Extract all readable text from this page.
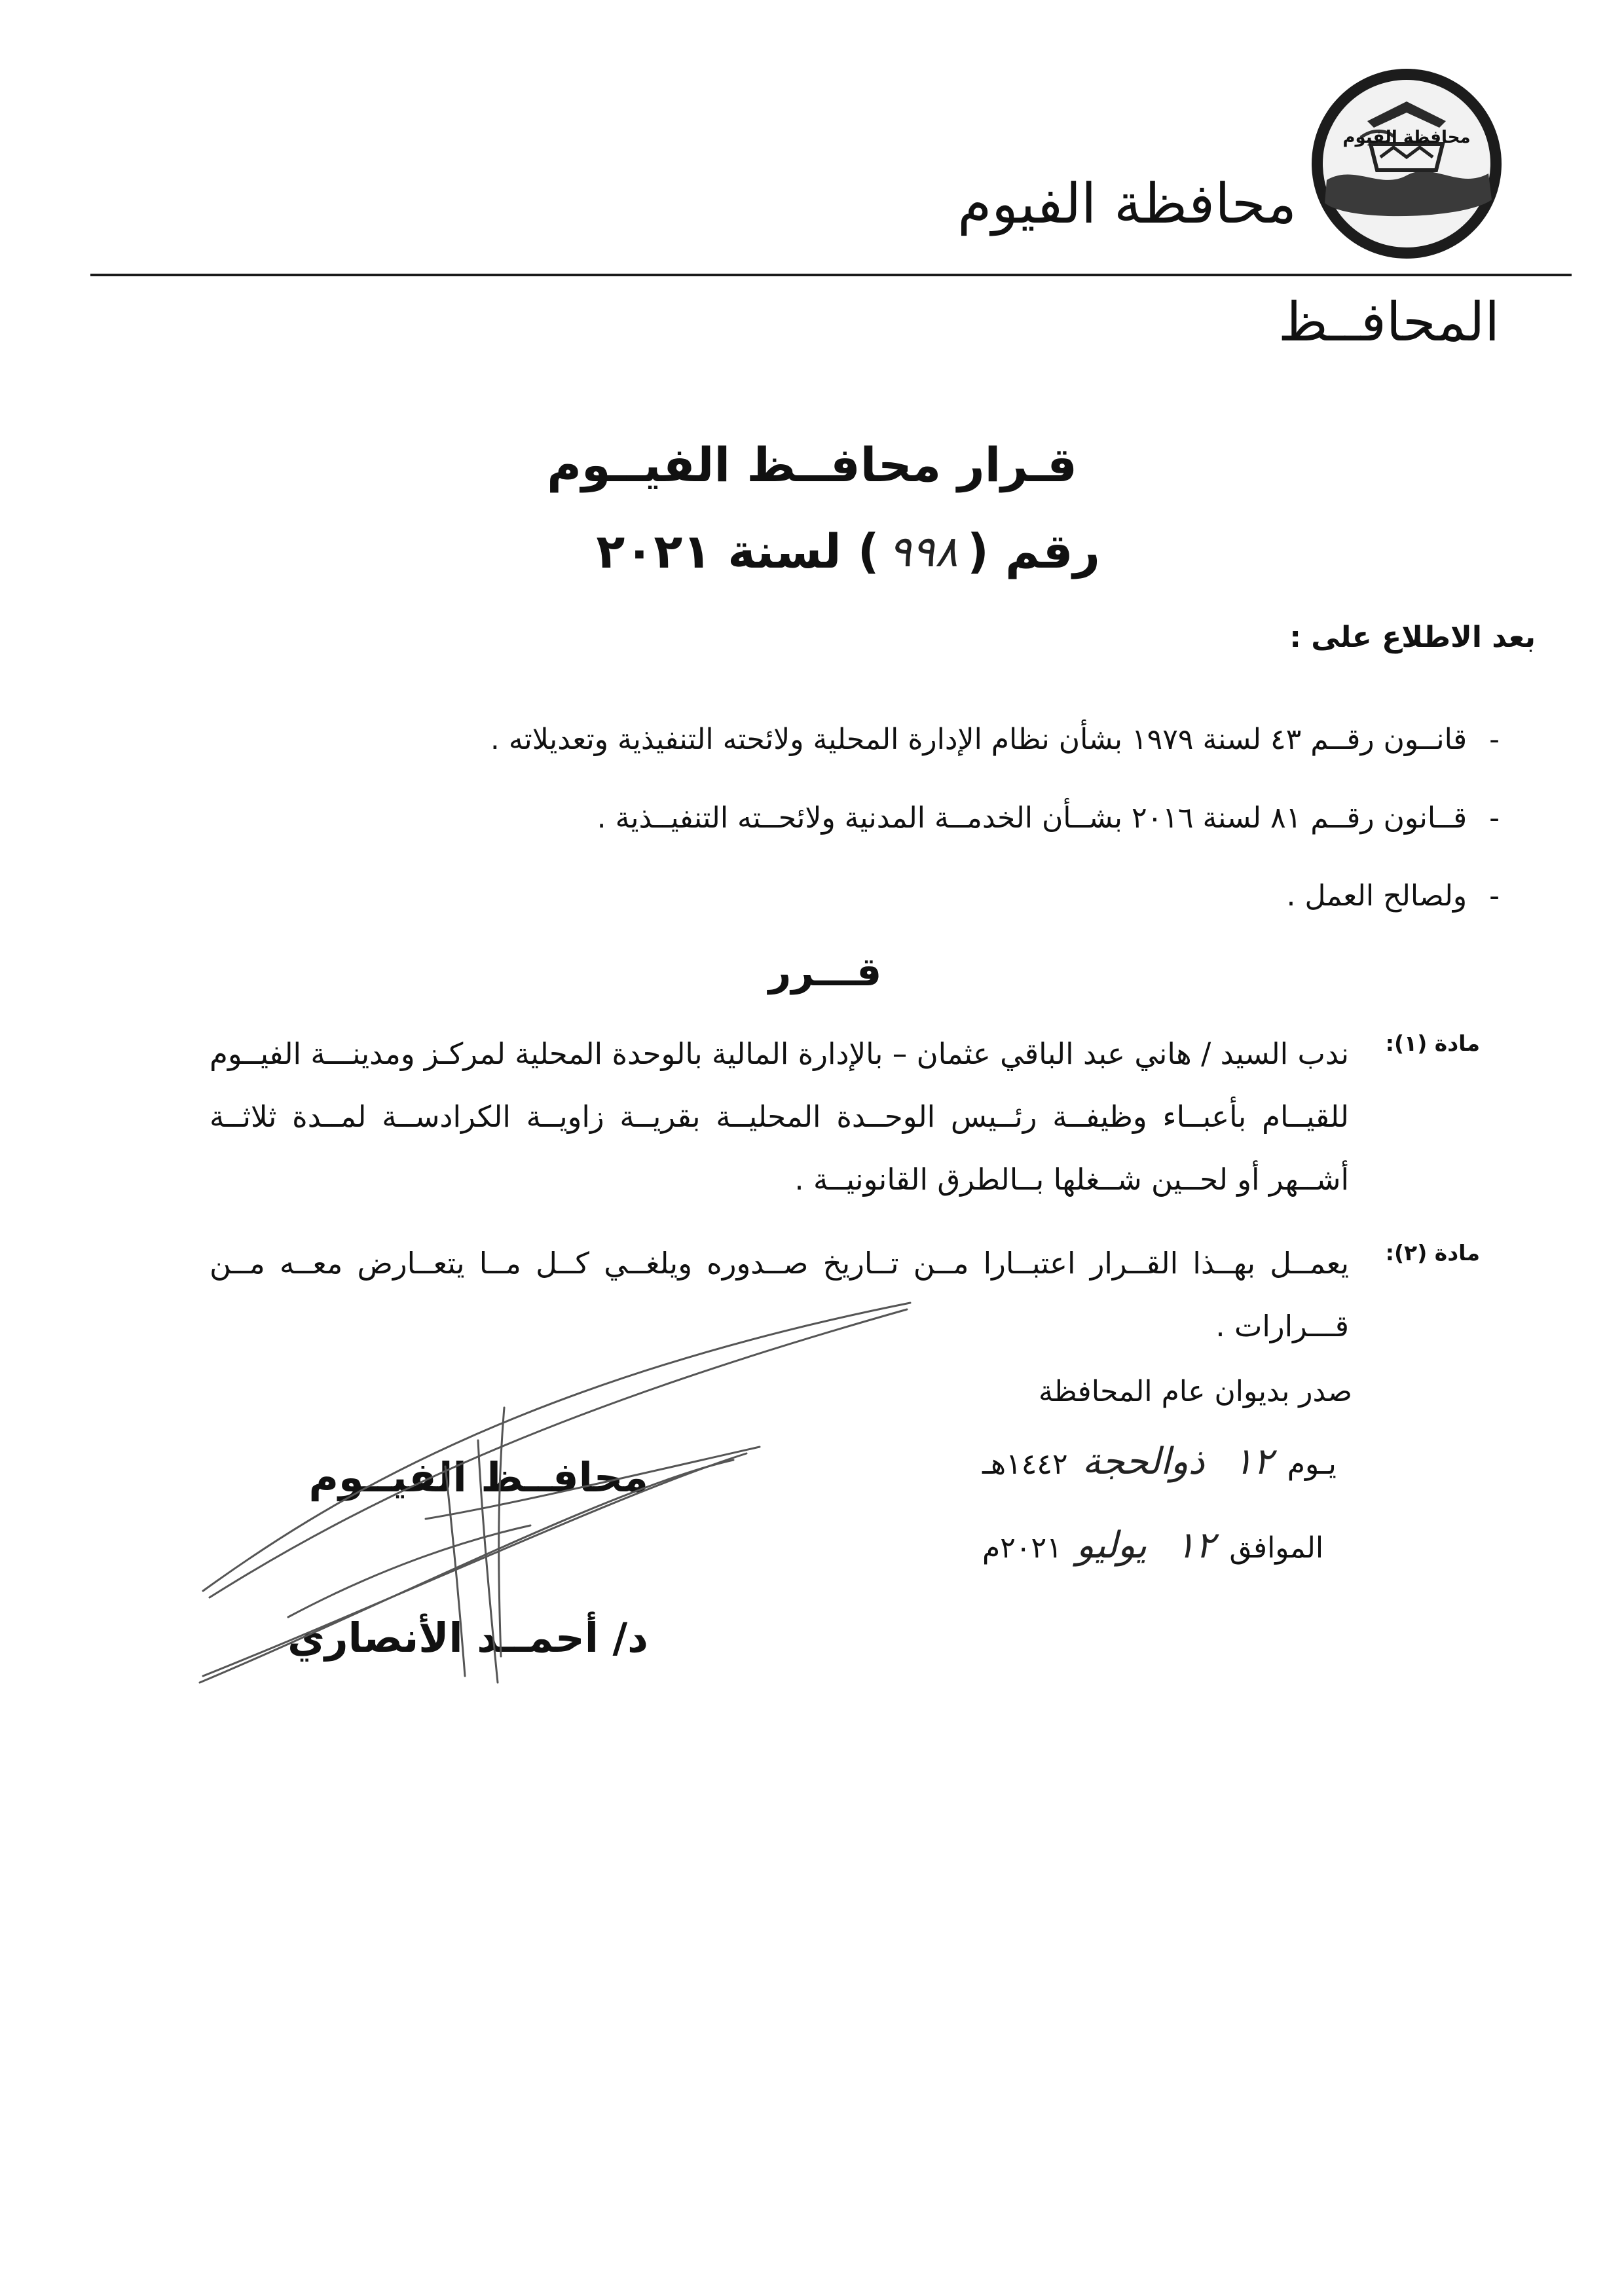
محافظة الفيوم
محافظة الفيوم
المحافــظ
قـرار محافــظ الفيــوم
رقم (
٩٩٨
) لسنة ٢٠٢١
بعد الاطلاع على :
-
قانــون رقــم ٤٣ لسنة ١٩٧٩ بشأن نظام الإدارة المحلية ولائحته التنفيذية وتعديلاته .
-
قــانون رقــم ٨١ لسنة ٢٠١٦ بشــأن الخدمــة المدنية ولائحــته التنفيــذية .
-
ولصالح العمل .
قـــرر
مادة (١):
ندب السيد / هاني عبد الباقي عثمان – بالإدارة المالية بالوحدة المحلية لمركـز ومدينـــة الفيــوم للقيــام بأعبــاء وظيفــة رئــيس الوحــدة المحليــة بقريــة زاويــة الكرادســة لمــدة ثلاثــة أشــهر أو لحــين شــغلها بــالطرق القانونيــة .
مادة (٢):
يعمــل بهــذا القــرار اعتبــارا مــن تــاريخ صــدوره ويلغــي كــل مــا يتعــارض معــه مــن قـــرارات .
صدر بديوان عام المحافظة
يـوم
١٢
ذوالحجة
١٤٤٢هـ
الموافق
١٢
يوليو
٢٠٢١م
محافــظ الفيــوم
د/ أحمــد الأنصاري
